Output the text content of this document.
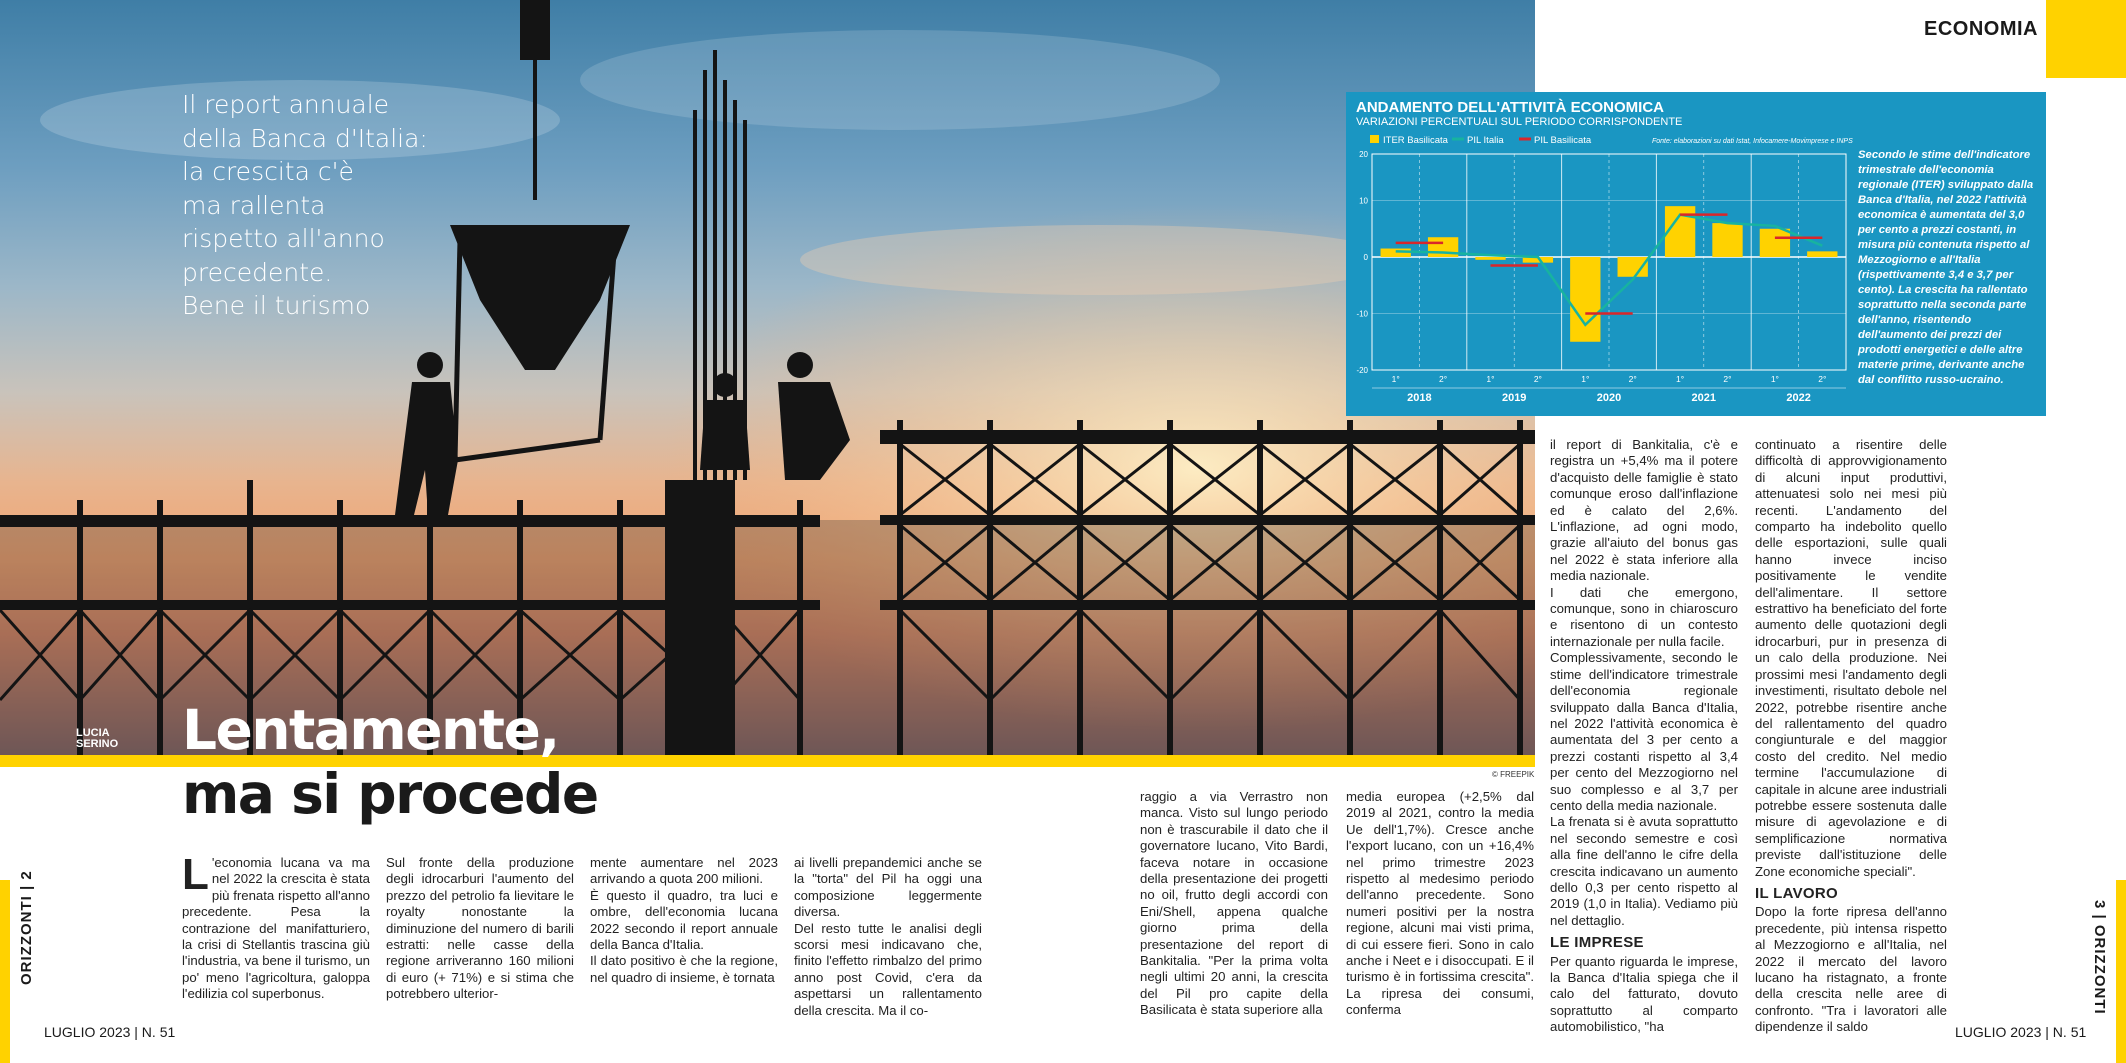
Il report annuale
della Banca d'Italia:
la crescita c'è
ma rallenta
rispetto all'anno
precedente.
Bene il turismo
LUCIA
SERINO Lentamente,
ma si procede	© FREEPIK
ECONOMIA
ANDAMENTO DELL'ATTIVITÀ ECONOMICA
VARIAZIONI PERCENTUALI SUL PERIODO CORRISPONDENTE
ITER Basilicata PIL Italia	PIL Basilicata	Fonte: elaborazioni su dati Istat, Infocamere-Movimprese e INPS
20
10
0
-10
-20
1°	2°	1°	2°	1°	2°	1°	2°	1°	2°
2018	2019	2020	2021	2022
Secondo le stime dell'indicatore trimestrale dell'economia regionale (ITER) sviluppato dalla Banca d'Italia, nel 2022 l'attività economica è aumentata del 3,0 per cento a prezzi costanti, in misura più contenuta rispetto al Mezzogiorno e all'Italia (rispettivamente 3,4 e 3,7 per cento). La crescita ha rallentato soprattutto nella seconda parte dell'anno, risentendo dell'aumento dei prezzi dei prodotti energetici e delle altre materie prime, derivante anche dal conflitto russo-ucraino.
L 'economia lucana va ma nel 2022 la crescita è stata più frenata rispetto all'anno precedente. Pesa la contrazione del manifatturiero, la crisi di Stellantis trascina giù l'industria, va bene il turismo, un po' meno l'agricoltura, galoppa l'edilizia col superbonus.

Sul fronte della produzione degli idrocarburi l'aumento del prezzo del petrolio fa lievitare le royalty nonostante la diminuzione del numero di barili estratti: nelle casse della regione arriveranno 160 milioni di euro (+ 71%) e si stima che potrebbero ulterior-

mente aumentare nel 2023 arrivando a quota 200 milioni.

È questo il quadro, tra luci e ombre, dell'economia lucana 2022 secondo il report annuale della Banca d'Italia.

Il dato positivo è che la regione, nel quadro di insieme, è tornata

ai livelli prepandemici anche se la "torta" del Pil ha oggi una composizione leggermente diversa.

Del resto tutte le analisi degli scorsi mesi indicavano che, finito l'effetto rimbalzo del primo anno post Covid, c'era da aspettarsi un rallentamento della crescita. Ma il co-

raggio a via Verrastro non manca. Visto sul lungo periodo non è trascurabile il dato che il governatore lucano, Vito Bardi, faceva notare in occasione della presentazione dei progetti no oil, frutto degli accordi con Eni/Shell, appena qualche giorno prima della presentazione del report di Bankitalia. "Per la prima volta negli ultimi 20 anni, la crescita del Pil pro capite della Basilicata è stata superiore alla

media europea (+2,5% dal 2019 al 2021, contro la media Ue dell'1,7%). Cresce anche l'export lucano, con un +16,4% nel primo trimestre 2023 rispetto al medesimo periodo dell'anno precedente. Sono numeri positivi per la nostra regione, alcuni mai visti prima, di cui essere fieri. Sono in calo anche i Neet e i disoccupati. E il turismo è in fortissima crescita". La ripresa dei consumi, conferma

il report di Bankitalia, c'è e registra un +5,4% ma il potere d'acquisto delle famiglie è stato comunque eroso dall'inflazione ed è calato del 2,6%. L'inflazione, ad ogni modo, grazie all'aiuto del bonus gas nel 2022 è stata inferiore alla media nazionale.

I dati che emergono, comunque, sono in chiaroscuro e risentono di un contesto internazionale per nulla facile.

Complessivamente, secondo le stime dell'indicatore trimestrale dell'economia regionale sviluppato dalla Banca d'Italia, nel 2022 l'attività economica è aumentata del 3 per cento a prezzi costanti rispetto al 3,4 per cento del Mezzogiorno nel suo complesso e al 3,7 per cento della media nazionale.

La frenata si è avuta soprattutto nel secondo semestre e così alla fine dell'anno le cifre della crescita indicavano un aumento dello 0,3 per cento rispetto al 2019 (1,0 in Italia). Vediamo più nel dettaglio.

LE IMPRESE

Per quanto riguarda le imprese, la Banca d'Italia spiega che il calo del fatturato, dovuto soprattutto al comparto automobilistico, "ha

continuato a risentire delle difficoltà di approvvigionamento di alcuni input produttivi, attenuatesi solo nei mesi più recenti. L'andamento del comparto ha indebolito quello delle esportazioni, sulle quali hanno invece inciso positivamente le vendite dell'alimentare. Il settore estrattivo ha beneficiato del forte aumento delle quotazioni degli idrocarburi, pur in presenza di un calo della produzione. Nei prossimi mesi l'andamento degli investimenti, risultato debole nel 2022, potrebbe risentire anche del rallentamento del quadro congiunturale e del maggior costo del credito. Nel medio termine l'accumulazione di capitale in alcune aree industriali potrebbe essere sostenuta dalle misure di agevolazione e di semplificazione normativa previste dall'istituzione delle Zone economiche speciali".

IL LAVORO

Dopo la forte ripresa dell'anno precedente, più intensa rispetto al Mezzogiorno e all'Italia, nel 2022 il mercato del lavoro lucano ha ristagnato, a fronte della crescita nelle aree di confronto. "Tra i lavoratori alle dipendenze il saldo

ORIZZONTI | 2
LUGLIO 2023 | N. 51
3 | ORIZZONTI
LUGLIO 2023 | N. 51
